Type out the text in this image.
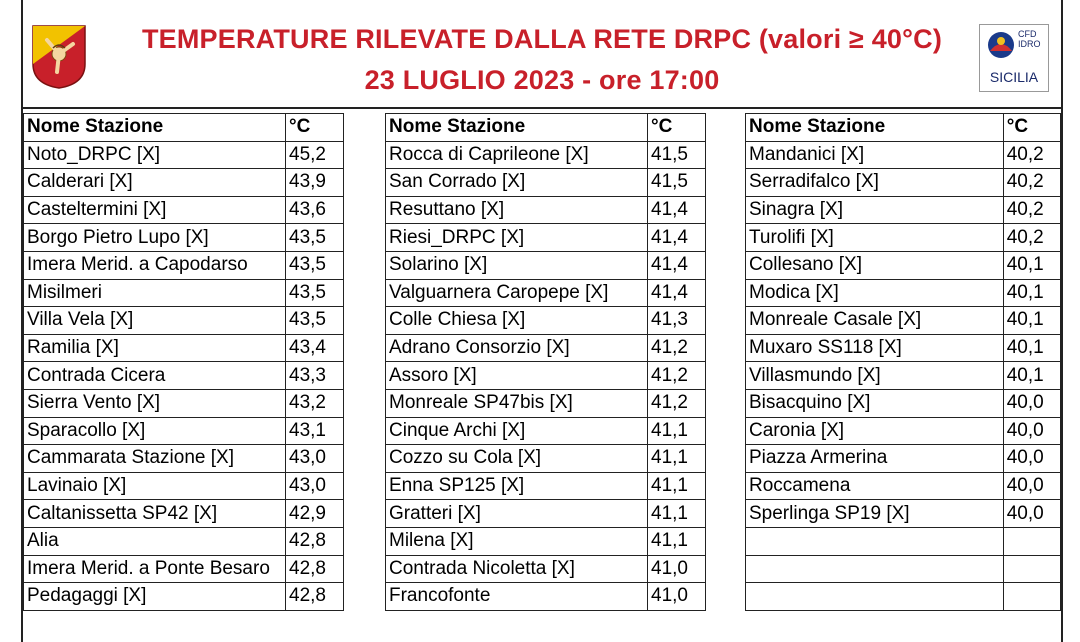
TEMPERATURE RILEVATE DALLA RETE DRPC (valori ≥ 40°C)
23 LUGLIO 2023 - ore 17:00
CFD IDRO
SICILIA
Nome Stazione	°C
Noto_DRPC [X]	45,2
Calderari [X]	43,9
Casteltermini [X]	43,6
Borgo Pietro Lupo [X]	43,5
Imera Merid. a Capodarso	43,5
Misilmeri	43,5
Villa Vela [X]	43,5
Ramilia [X]	43,4
Contrada Cicera	43,3
Sierra Vento [X]	43,2
Sparacollo [X]	43,1
Cammarata Stazione [X]	43,0
Lavinaio [X]	43,0
Caltanissetta SP42 [X]	42,9
Alia	42,8
Imera Merid. a Ponte Besaro	42,8
Pedagaggi [X]	42,8
Nome Stazione	°C
Rocca di Caprileone [X]	41,5
San Corrado [X]	41,5
Resuttano [X]	41,4
Riesi_DRPC [X]	41,4
Solarino [X]	41,4
Valguarnera Caropepe [X]	41,4
Colle Chiesa [X]	41,3
Adrano Consorzio [X]	41,2
Assoro [X]	41,2
Monreale SP47bis [X]	41,2
Cinque Archi [X]	41,1
Cozzo su Cola [X]	41,1
Enna SP125 [X]	41,1
Gratteri [X]	41,1
Milena [X]	41,1
Contrada Nicoletta [X]	41,0
Francofonte	41,0
Nome Stazione	°C
Mandanici [X]	40,2
Serradifalco [X]	40,2
Sinagra [X]	40,2
Turolifi [X]	40,2
Collesano [X]	40,1
Modica [X]	40,1
Monreale Casale [X]	40,1
Muxaro SS118 [X]	40,1
Villasmundo [X]	40,1
Bisacquino [X]	40,0
Caronia [X]	40,0
Piazza Armerina	40,0
Roccamena	40,0
Sperlinga SP19 [X]	40,0
